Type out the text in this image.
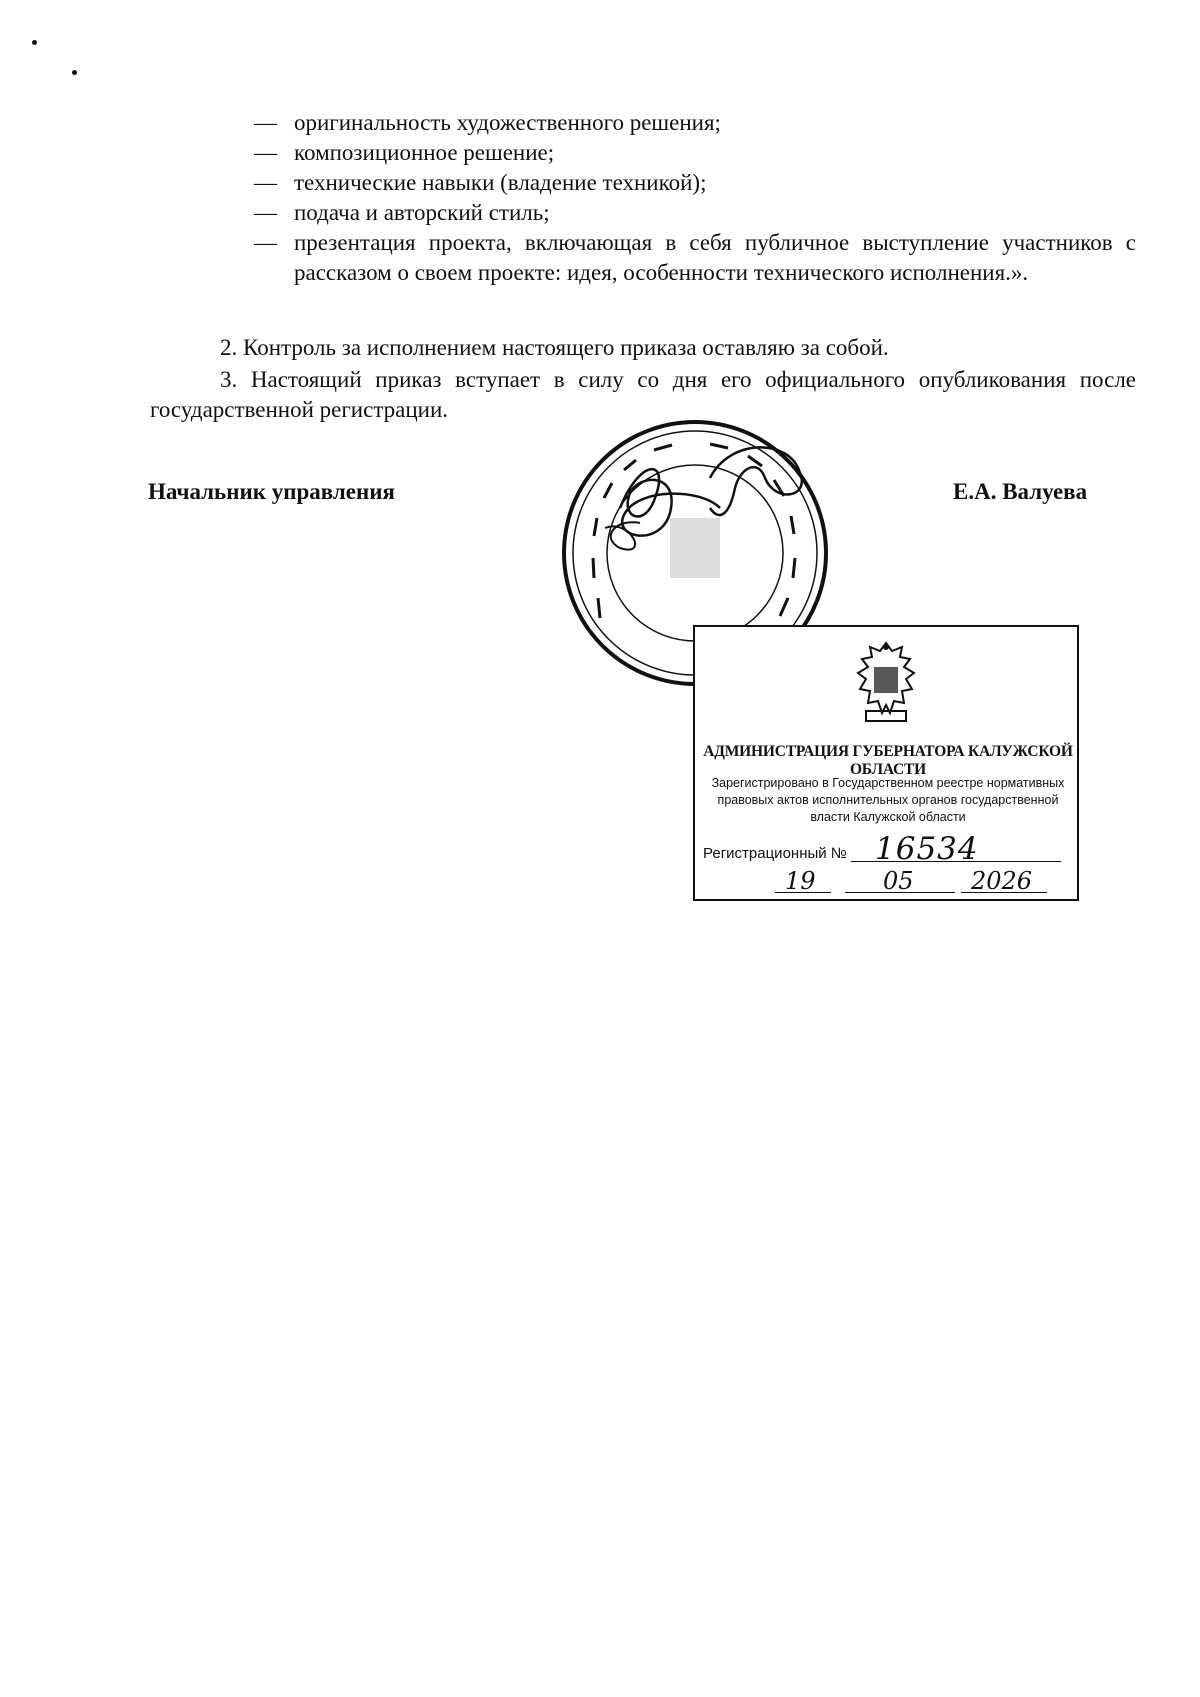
— оригинальность художественного решения;

— композиционное решение;

— технические навыки (владение техникой);

— подача и авторский стиль;

— презентация проекта, включающая в себя публичное выступление участников с рассказом о своем проекте: идея, особенности технического исполнения.».

2. Контроль за исполнением настоящего приказа оставляю за собой.

3. Настоящий приказ вступает в силу со дня его официального опубликования после государственной регистрации.

Начальник управления	Е.А. Валуева
АДМИНИСТРАЦИЯ ГУБЕРНАТОРА КАЛУЖСКОЙ ОБЛАСТИ
Зарегистрировано в Государственном реестре нормативных правовых актов исполнительных органов государственной власти Калужской области
Регистрационный № 16534
19	05 2026
